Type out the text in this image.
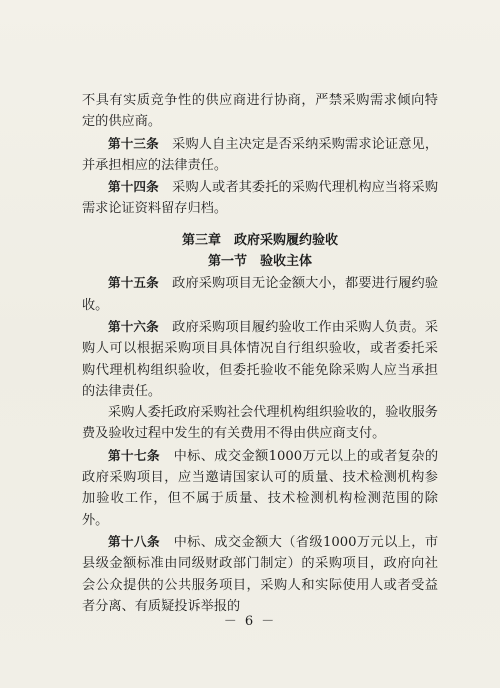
不具有实质竞争性的供应商进行协商，严禁采购需求倾向特定的供应商。

第十三条　 采购人自主决定是否采纳采购需求论证意见，并承担相应的法律责任。

第十四条　 采购人或者其委托的采购代理机构应当将采购需求论证资料留存归档。

第三章　政府采购履约验收

第一节　验收主体

第十五条　 政府采购项目无论金额大小，都要进行履约验收。

第十六条　 政府采购项目履约验收工作由采购人负责。采购人可以根据采购项目具体情况自行组织验收，或者委托采购代理机构组织验收，但委托验收不能免除采购人应当承担的法律责任。

采购人委托政府采购社会代理机构组织验收的，验收服务费及验收过程中发生的有关费用不得由供应商支付。

第十七条　 中标、成交金额1000万元以上的或者复杂的政府采购项目，应当邀请国家认可的质量、技术检测机构参加验收工作，但不属于质量、技术检测机构检测范围的除外。

第十八条　 中标、成交金额大（省级1000万元以上，市县级金额标准由同级财政部门制定）的采购项目，政府向社会公众提供的公共服务项目，采购人和实际使用人或者受益者分离、有质疑投诉举报的

－ 6 －
